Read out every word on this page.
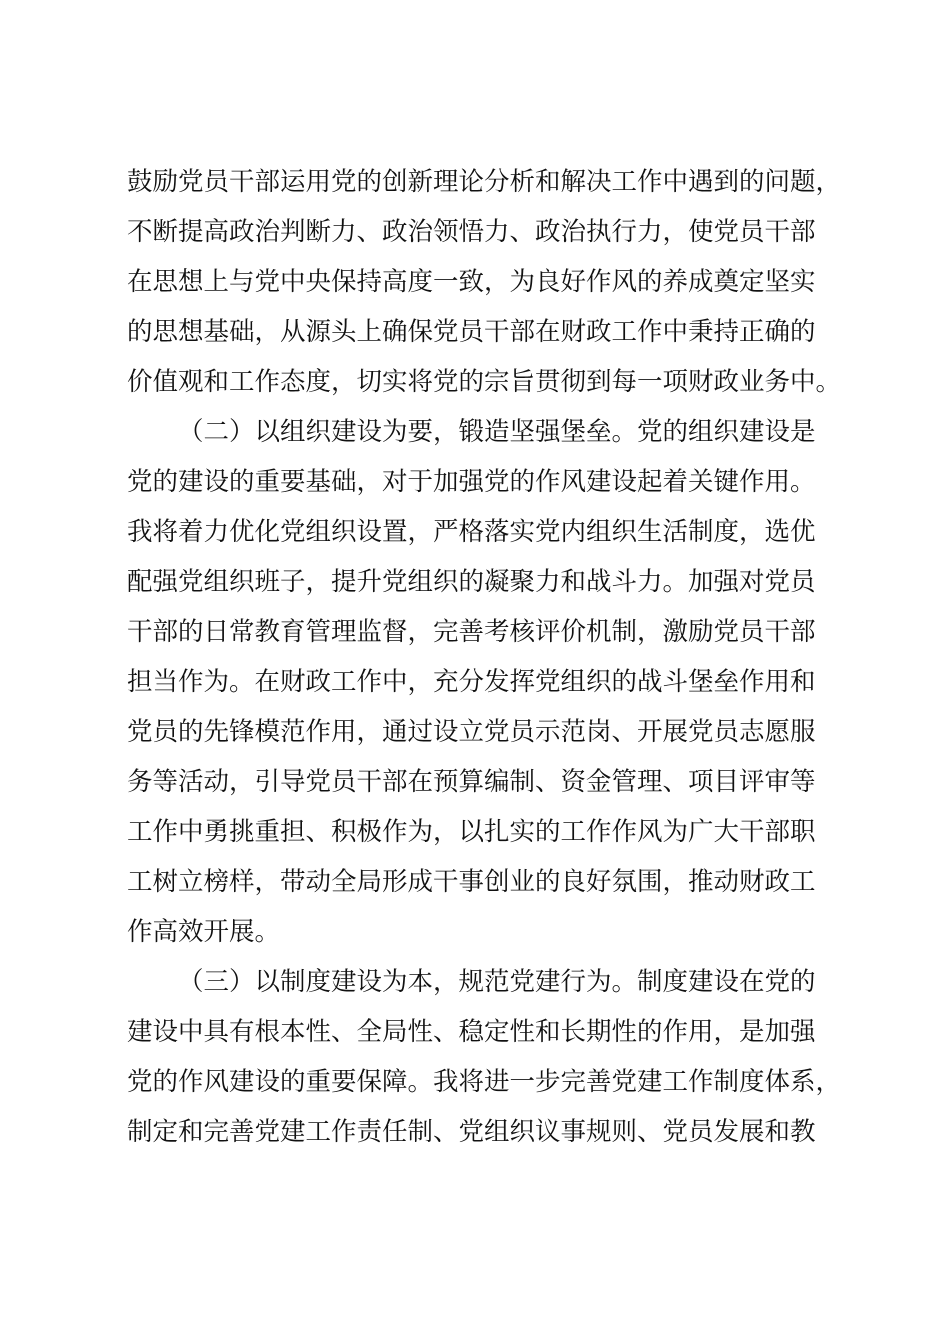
鼓励党员干部运用党的创新理论分析和解决工作中遇到的问题，
不断提高政治判断力、政治领悟力、政治执行力，使党员干部
在思想上与党中央保持高度一致，为良好作风的养成奠定坚实
的思想基础，从源头上确保党员干部在财政工作中秉持正确的
价值观和工作态度，切实将党的宗旨贯彻到每一项财政业务中。
（二）以组织建设为要，锻造坚强堡垒。党的组织建设是
党的建设的重要基础，对于加强党的作风建设起着关键作用。
我将着力优化党组织设置，严格落实党内组织生活制度，选优
配强党组织班子，提升党组织的凝聚力和战斗力。加强对党员
干部的日常教育管理监督，完善考核评价机制，激励党员干部
担当作为。在财政工作中，充分发挥党组织的战斗堡垒作用和
党员的先锋模范作用，通过设立党员示范岗、开展党员志愿服
务等活动，引导党员干部在预算编制、资金管理、项目评审等
工作中勇挑重担、积极作为，以扎实的工作作风为广大干部职
工树立榜样，带动全局形成干事创业的良好氛围，推动财政工
作高效开展。
（三）以制度建设为本，规范党建行为。制度建设在党的
建设中具有根本性、全局性、稳定性和长期性的作用，是加强
党的作风建设的重要保障。我将进一步完善党建工作制度体系，
制定和完善党建工作责任制、党组织议事规则、党员发展和教
